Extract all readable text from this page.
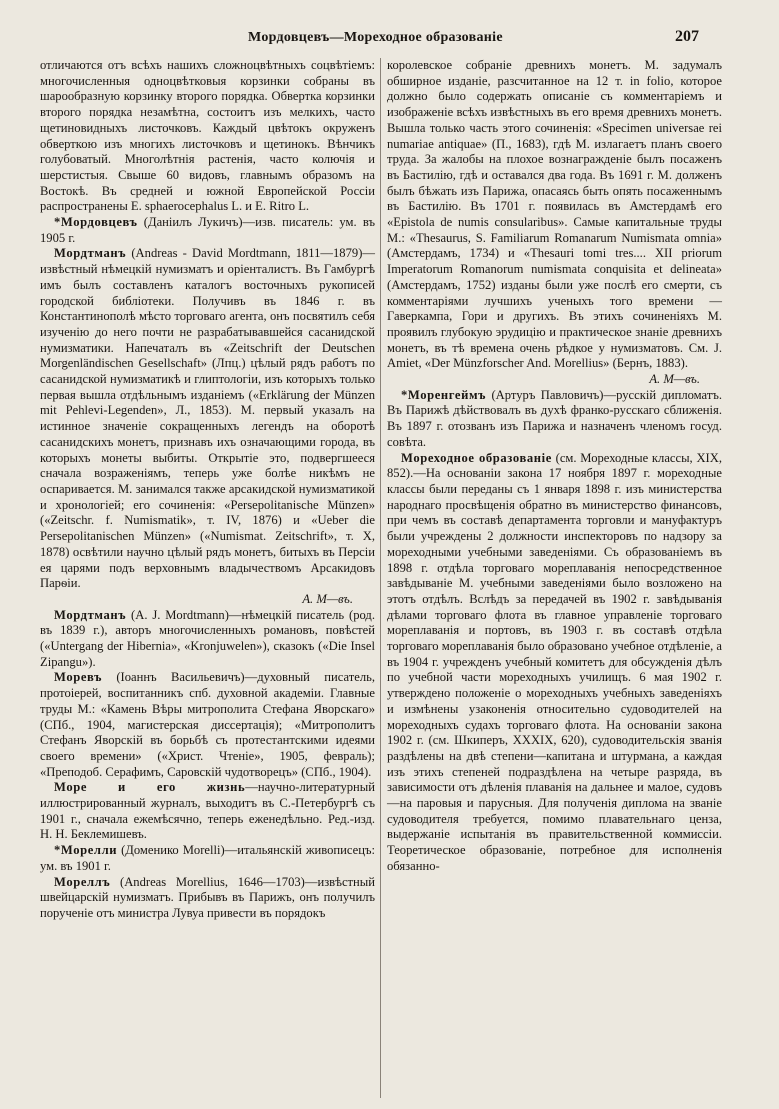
Мордовцевъ—Мореходное образованіе	207

отличаются отъ всѣхъ нашихъ сложноцвѣтныхъ соцвѣтіемъ: многочисленныя одноцвѣтковыя корзинки собраны въ шарообразную корзинку второго порядка. Обвертка корзинки второго порядка незамѣтна, состоитъ изъ мелкихъ, часто щетиновидныхъ листочковъ. Каждый цвѣтокъ окруженъ обверткою изъ многихъ листочковъ и щетинокъ. Вѣнчикъ голубоватый. Многолѣтнія растенія, часто колючія и шерстистыя. Свыше 60 видовъ, главнымъ образомъ на Востокѣ. Въ средней и южной Европейской Россіи распространены E. sphaerocephalus L. и E. Ritro L.

*Мордовцевъ (Даніилъ Лукичъ)—изв. писатель: ум. въ 1905 г.

Мордтманъ (Andreas - David Mordtmann, 1811—1879)—извѣстный нѣмецкій нумизматъ и оріенталистъ. Въ Гамбургѣ имъ былъ составленъ каталогъ восточныхъ рукописей городской библіотеки. Получивъ въ 1846 г. въ Константинополѣ мѣсто торговаго агента, онъ посвятилъ себя изученію до него почти не разрабатывавшейся сасанидской нумизматики. Напечаталъ въ «Zeitschrift der Deutschen Morgenländischen Gesellschaft» (Лпц.) цѣлый рядъ работъ по сасанидской нумизматикѣ и глиптологіи, изъ которыхъ только первая вышла отдѣльнымъ изданіемъ («Erklärung der Münzen mit Pehlevi-Legenden», Л., 1853). М. первый указалъ на истинное значеніе сокращенныхъ легендъ на оборотѣ сасанидскихъ монетъ, признавъ ихъ означающими города, въ которыхъ монеты выбиты. Открытіе это, подвергшееся сначала возраженіямъ, теперь уже болѣе никѣмъ не оспаривается. М. занимался также арсакидской нумизматикой и хронологіей; его сочиненія: «Persepolitanische Münzen» («Zeitschr. f. Numismatik», т. IV, 1876) и «Ueber die Persepolitanischen Münzen» («Numismat. Zeitschrift», т. X, 1878) освѣтили научно цѣлый рядъ монетъ, битыхъ въ Персіи ея царями подъ верховнымъ владычествомъ Арсакидовъ Парѳіи.
А. М—въ.

Мордтманъ (A. J. Mordtmann)—нѣмецкій писатель (род. въ 1839 г.), авторъ многочисленныхъ романовъ, повѣстей («Untergang der Hibernia», «Kronjuwelen»), сказокъ («Die Insel Zipangu»).

Моревъ (Іоаннъ Васильевичъ)—духовный писатель, протоіерей, воспитанникъ спб. духовной академіи. Главные труды М.: «Камень Вѣры митрополита Стефана Яворскаго» (СПб., 1904, магистерская диссертація); «Митрополитъ Стефанъ Яворскій въ борьбѣ съ протестантскими идеями своего времени» («Христ. Чтеніе», 1905, февраль); «Преподоб. Серафимъ, Саровскій чудотворецъ» (СПб., 1904).

Море и его жизнь—научно-литературный иллюстрированный журналъ, выходитъ въ С.-Петербургѣ съ 1901 г., сначала ежемѣсячно, теперь еженедѣльно. Ред.-изд. Н. Н. Беклемишевъ.

*Морелли (Доменико Morelli)—итальянскій живописецъ: ум. въ 1901 г.

Мореллъ (Andreas Morellius, 1646—1703)—извѣстный швейцарскій нумизматъ. Прибывъ въ Парижъ, онъ получилъ порученіе отъ министра Лувуа привести въ порядокъ

королевское собраніе древнихъ монетъ. М. задумалъ обширное изданіе, разсчитанное на 12 т. in folio, которое должно было содержать описаніе съ комментаріемъ и изображеніе всѣхъ извѣстныхъ въ его время древнихъ монетъ. Вышла только часть этого сочиненія: «Specimen universae rei numariae antiquae» (П., 1683), гдѣ М. излагаетъ планъ своего труда. За жалобы на плохое вознагражденіе былъ посаженъ въ Бастилію, гдѣ и оставался два года. Въ 1691 г. М. долженъ былъ бѣжать изъ Парижа, опасаясь быть опять посаженнымъ въ Бастилію. Въ 1701 г. появилась въ Амстердамѣ его «Epistola de numis consularibus». Самые капитальные труды М.: «Thesaurus, S. Familiarum Romanarum Numismata omnia» (Амстердамъ, 1734) и «Thesauri tomi tres.... XII priorum Imperatorum Romanorum numismata conquisita et delineata» (Амстердамъ, 1752) изданы были уже послѣ его смерти, съ комментаріями лучшихъ ученыхъ того времени — Гаверкампа, Гори и другихъ. Въ этихъ сочиненіяхъ М. проявилъ глубокую эрудицію и практическое знаніе древнихъ монетъ, въ тѣ времена очень рѣдкое у нумизматовъ. См. J. Amiet, «Der Münzforscher And. Morellius» (Бернъ, 1883).
А. М—въ.

*Моренгеймъ (Артуръ Павловичъ)—русскій дипломатъ. Въ Парижѣ дѣйствовалъ въ духѣ франко-русскаго сближенія. Въ 1897 г. отозванъ изъ Парижа и назначенъ членомъ госуд. совѣта.

Мореходное образованіе (см. Мореходные классы, XIX, 852).—На основаніи закона 17 ноября 1897 г. мореходные классы были переданы съ 1 января 1898 г. изъ министерства народнаго просвѣщенія обратно въ министерство финансовъ, при чемъ въ составѣ департамента торговли и мануфактуръ были учреждены 2 должности инспекторовъ по надзору за мореходными учебными заведеніями. Съ образованіемъ въ 1898 г. отдѣла торговаго мореплаванія непосредственное завѣдываніе М. учебными заведеніями было возложено на этотъ отдѣлъ. Вслѣдъ за передачей въ 1902 г. завѣдыванія дѣлами торговаго флота въ главное управленіе торговаго мореплаванія и портовъ, въ 1903 г. въ составѣ отдѣла торговаго мореплаванія было образовано учебное отдѣленіе, а въ 1904 г. учрежденъ учебный комитетъ для обсужденія дѣлъ по учебной части мореходныхъ училищъ. 6 мая 1902 г. утверждено положеніе о мореходныхъ учебныхъ заведеніяхъ и измѣнены узаконенія относительно судоводителей на мореходныхъ судахъ торговаго флота. На основаніи закона 1902 г. (см. Шкиперъ, XXXIX, 620), судоводительскія званія раздѣлены на двѣ степени—капитана и штурмана, а каждая изъ этихъ степеней подраздѣлена на четыре разряда, въ зависимости отъ дѣленія плаванія на дальнее и малое, судовъ—на паровыя и парусныя. Для полученія диплома на званіе судоводителя требуется, помимо плавательнаго ценза, выдержаніе испытанія въ правительственной коммиссіи. Теоретическое образованіе, потребное для исполненія обязанно-
